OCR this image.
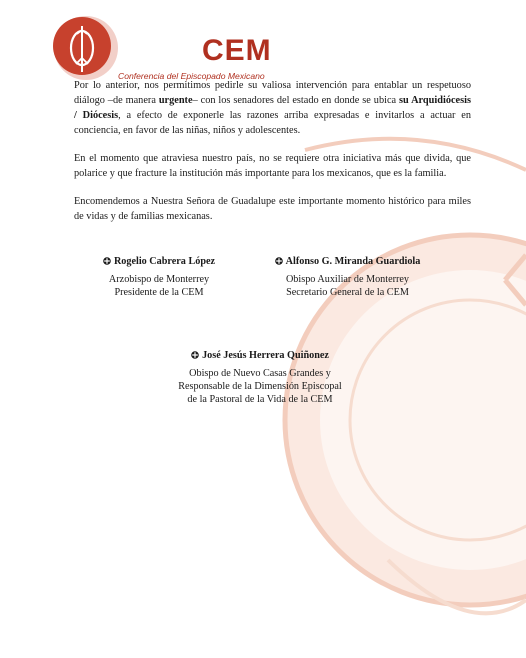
CEM
Conferencia del Episcopado Mexicano

Por lo anterior, nos permitimos pedirle su valiosa intervención para entablar un respetuoso diálogo –de manera urgente– con los senadores del estado en donde se ubica su Arquidiócesis / Diócesis, a efecto de exponerle las razones arriba expresadas e invitarlos a actuar en conciencia, en favor de las niñas, niños y adolescentes.

En el momento que atraviesa nuestro país, no se requiere otra iniciativa más que divida, que polarice y que fracture la institución más importante para los mexicanos, que es la familia.

Encomendemos a Nuestra Señora de Guadalupe este importante momento histórico para miles de vidas y de familias mexicanas.

Rogelio Cabrera López
Arzobispo de Monterrey
Presidente de la CEM
Alfonso G. Miranda Guardiola
Obispo Auxiliar de Monterrey
Secretario General de la CEM
José Jesús Herrera Quiñonez
Obispo de Nuevo Casas Grandes y
Responsable de la Dimensión Episcopal
de la Pastoral de la Vida de la CEM
